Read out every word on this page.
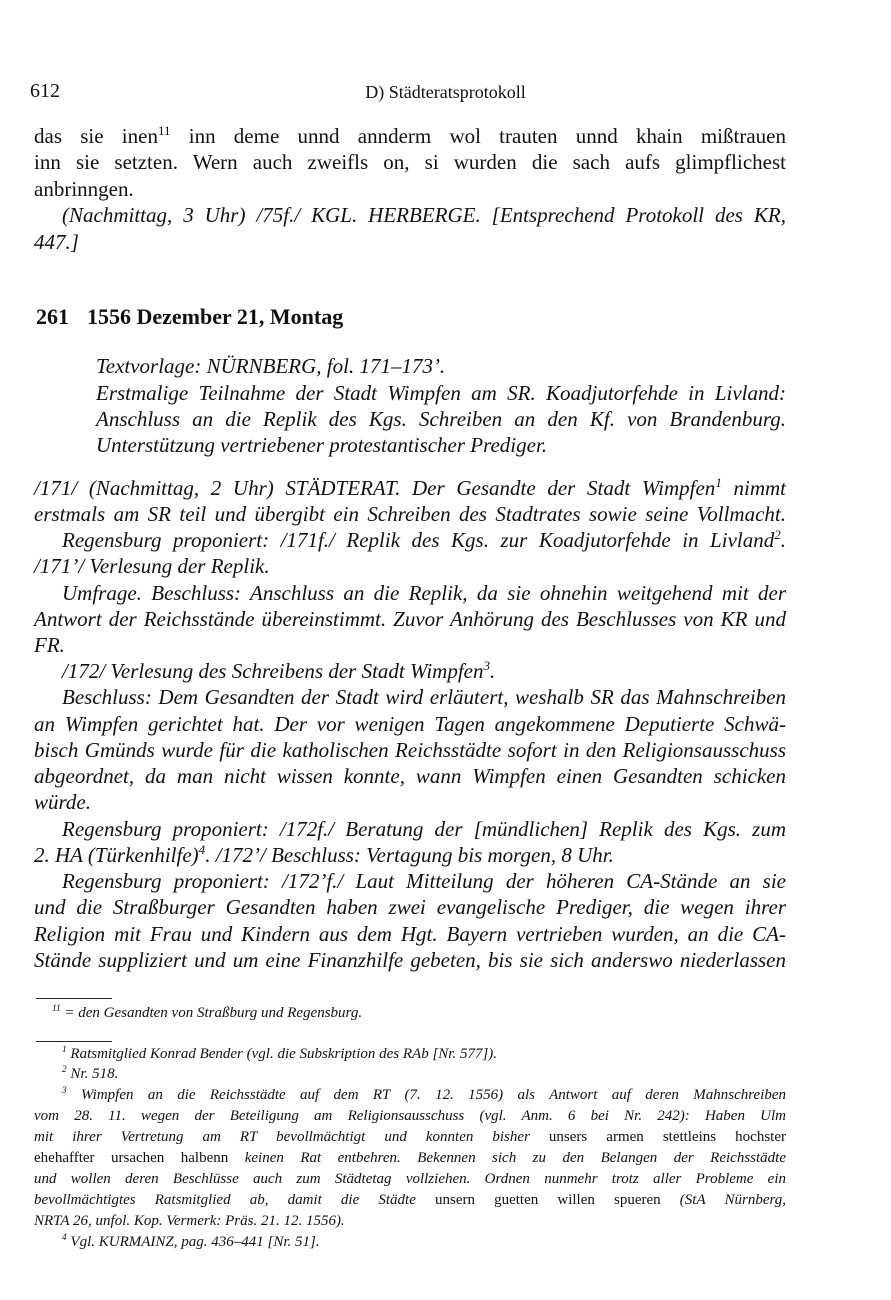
612	D) Städteratsprotokoll
das sie inen$^{11}$ inn deme unnd annderm wol trauten unnd khain mißtrauen
inn sie setzten. Wern auch zweifls on, si wurden die sach aufs glimpflichest
anbrinngen.
(Nachmittag, 3 Uhr) /75f./ KGL. HERBERGE. [Entsprechend Protokoll des KR,
447.]
261 1556 Dezember 21, Montag
Textvorlage: NÜRNBERG, fol. 171–173’.
Erstmalige Teilnahme der Stadt Wimpfen am SR. Koadjutorfehde in Livland:
Anschluss an die Replik des Kgs. Schreiben an den Kf. von Brandenburg.
Unterstützung vertriebener protestantischer Prediger.
/171/ (Nachmittag, 2 Uhr) STÄDTERAT. Der Gesandte der Stadt Wimpfen$^1$ nimmt
erstmals am SR teil und übergibt ein Schreiben des Stadtrates sowie seine Vollmacht.
Regensburg proponiert: /171f./ Replik des Kgs. zur Koadjutorfehde in Livland$^2$.
/171’/ Verlesung der Replik.
Umfrage. Beschluss: Anschluss an die Replik, da sie ohnehin weitgehend mit der
Antwort der Reichsstände übereinstimmt. Zuvor Anhörung des Beschlusses von KR und
FR.
/172/ Verlesung des Schreibens der Stadt Wimpfen$^3$.
Beschluss: Dem Gesandten der Stadt wird erläutert, weshalb SR das Mahnschreiben
an Wimpfen gerichtet hat. Der vor wenigen Tagen angekommene Deputierte Schwä-
bisch Gmünds wurde für die katholischen Reichsstädte sofort in den Religionsausschuss
abgeordnet, da man nicht wissen konnte, wann Wimpfen einen Gesandten schicken
würde.
Regensburg proponiert: /172f./ Beratung der [mündlichen] Replik des Kgs. zum
2. HA (Türkenhilfe)$^4$. /172’/ Beschluss: Vertagung bis morgen, 8 Uhr.
Regensburg proponiert: /172’f./ Laut Mitteilung der höheren CA-Stände an sie
und die Straßburger Gesandten haben zwei evangelische Prediger, die wegen ihrer
Religion mit Frau und Kindern aus dem Hgt. Bayern vertrieben wurden, an die CA-
Stände suppliziert und um eine Finanzhilfe gebeten, bis sie sich anderswo niederlassen
$^{11}$ = den Gesandten von Straßburg und Regensburg.
$^1$ Ratsmitglied Konrad Bender (vgl. die Subskription des RAb [Nr. 577]).
$^2$ Nr. 518.
$^3$ Wimpfen an die Reichsstädte auf dem RT (7. 12. 1556) als Antwort auf deren Mahnschreiben
vom 28. 11. wegen der Beteiligung am Religionsausschuss (vgl. Anm. 6 bei Nr. 242): Haben Ulm
mit ihrer Vertretung am RT bevollmächtigt und konnten bisher unsers armen stettleins hochster
ehehaffter ursachen halbenn keinen Rat entbehren. Bekennen sich zu den Belangen der Reichsstädte
und wollen deren Beschlüsse auch zum Städtetag vollziehen. Ordnen nunmehr trotz aller Probleme ein
bevollmächtigtes Ratsmitglied ab, damit die Städte unsern guetten willen spueren (StA Nürnberg,
NRTA 26, unfol. Kop. Vermerk: Präs. 21. 12. 1556).
$^4$ Vgl. KURMAINZ, pag. 436–441 [Nr. 51].
